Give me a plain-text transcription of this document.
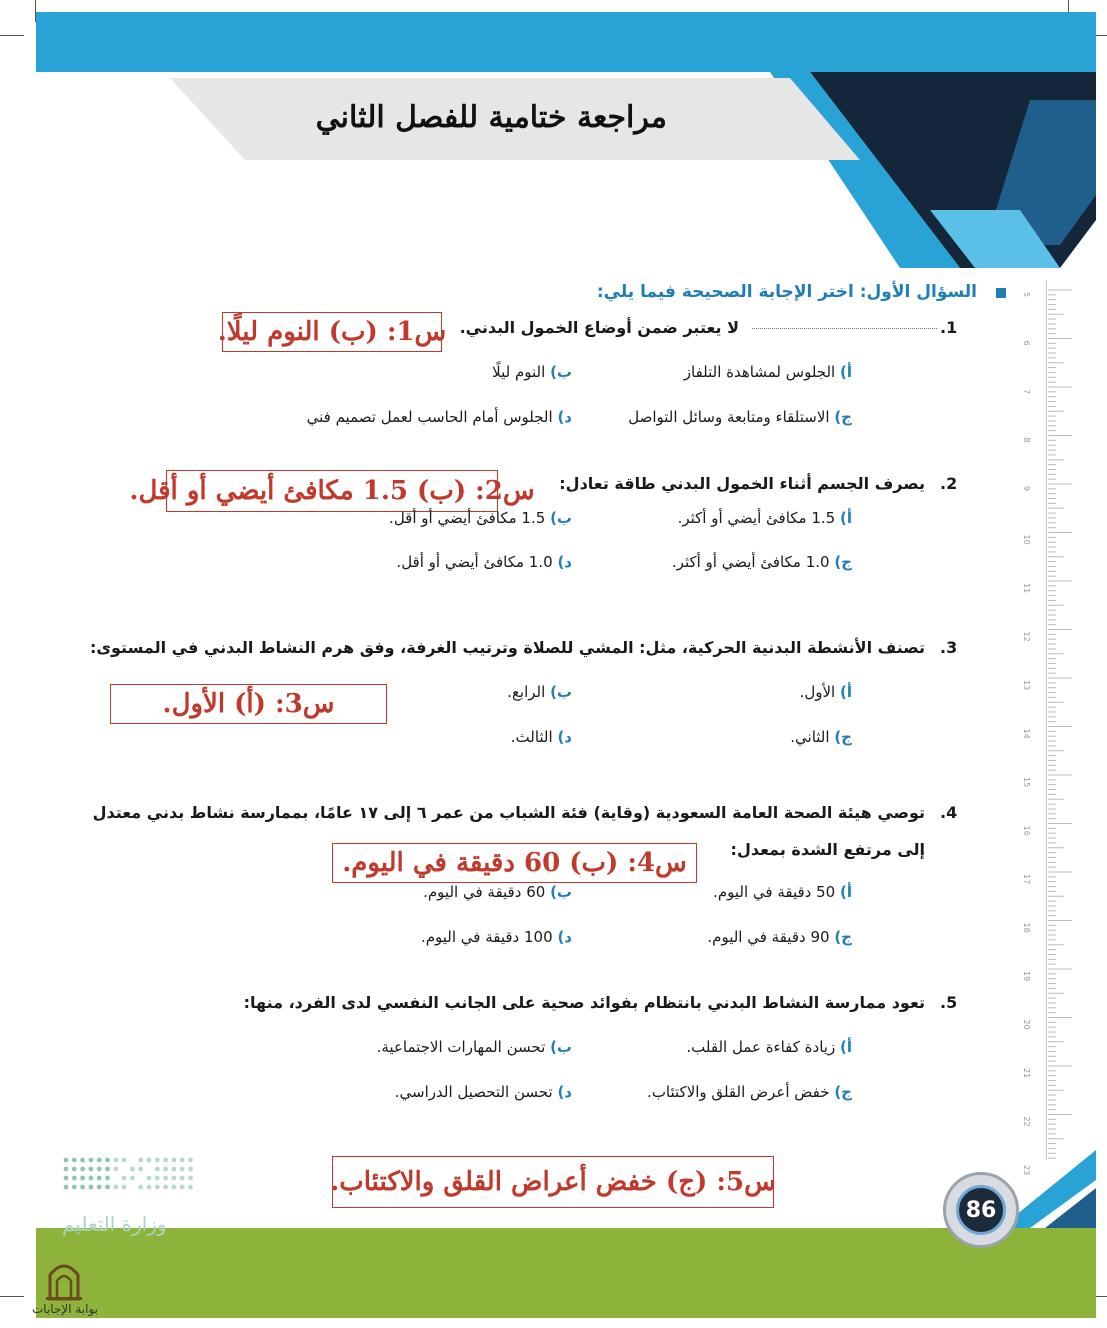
مراجعة ختامية للفصل الثاني
5
6
7
8
9
10
11
12
13
14
15
16
17
18
19
20
21
22
23
السؤال الأول: اختر الإجابة الصحيحة فيما يلي:
.1
لا يعتبر ضمن أوضاع الخمول البدني.
س1: (ب) النوم ليلًا.
أ) الجلوس لمشاهدة التلفاز
ب) النوم ليلًا
ج) الاستلقاء ومتابعة وسائل التواصل
د) الجلوس أمام الحاسب لعمل تصميم فني
.2
يصرف الجسم أثناء الخمول البدني طاقة تعادل:
س2: (ب) 1.5 مكافئ أيضي أو أقل.
أ) 1.5 مكافئ أيضي أو أكثر.
ب) 1.5 مكافئ أيضي أو أقل.
ج) 1.0 مكافئ أيضي أو أكثر.
د) 1.0 مكافئ أيضي أو أقل.
.3
تصنف الأنشطة البدنية الحركية، مثل: المشي للصلاة وترتيب الغرفة، وفق هرم النشاط البدني في المستوى:
س3: (أ) الأول.	أ) الأول.
ب) الرابع.
ج) الثاني.
د) الثالث.
.4
توصي هيئة الصحة العامة السعودية (وقاية) فئة الشباب من عمر ٦ إلى ١٧ عامًا، بممارسة نشاط بدني معتدل
إلى مرتفع الشدة بمعدل:
س4: (ب) 60 دقيقة في اليوم.
أ) 50 دقيقة في اليوم.
ب) 60 دقيقة في اليوم.
ج) 90 دقيقة في اليوم.
د) 100 دقيقة في اليوم.
.5
تعود ممارسة النشاط البدني بانتظام بفوائد صحية على الجانب النفسي لدى الفرد، منها:
أ) زيادة كفاءة عمل القلب.
ب) تحسن المهارات الاجتماعية.
ج) خفض أعرض القلق والاكتئاب.
د) تحسن التحصيل الدراسي.
س5: (ج) خفض أعراض القلق والاكتئاب.
86
وزارة التعليم
بوابة الإجابات
